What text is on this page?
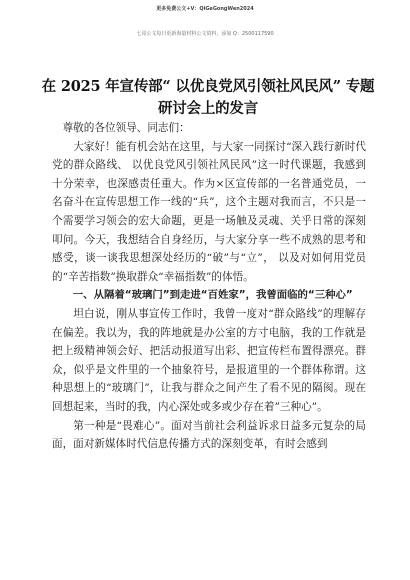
更多免费公文+V：QiGeGongWen2024
七哥公文每日更新海量材料公文资料，添加 Q：2500117590
在 2025 年宣传部“ 以优良党风引领社风民风” 专题研讨会上的发言

尊敬的各位领导、同志们：

大家好！能有机会站在这里，与大家一同探讨“深入践行新时代党的群众路线、 以优良党风引领社风民风”这一时代课题，我感到十分荣幸，也深感责任重大。作为×区宣传部的一名普通党员，一名奋斗在宣传思想工作一线的“兵”，这个主题对我而言，不只是一个需要学习领会的宏大命题，更是一场触及灵魂、关乎日常的深刻叩问。今天，我想结合自身经历，与大家分享一些不成熟的思考和感受，谈一谈我思想深处经历的“破”与“立”， 以及对如何用党员的“辛苦指数”换取群众“幸福指数”的体悟。

一、从隔着“玻璃门”到走进“百姓家”，我曾面临的“三种心”

坦白说，刚从事宣传工作时，我曾一度对“群众路线”的理解存在偏差。我以为，我的阵地就是办公室的方寸电脑，我的工作就是把上级精神领会好、把活动报道写出彩、把宣传栏布置得漂亮。群众，似乎是文件里的一个抽象符号，是报道里的一个群体称谓。这种思想上的“玻璃门”，让我与群众之间产生了看不见的隔阂。现在回想起来，当时的我，内心深处或多或少存在着”三种心”。

第一种是“畏难心”。面对当前社会利益诉求日益多元复杂的局面，面对新媒体时代信息传播方式的深刻变革，有时会感到
